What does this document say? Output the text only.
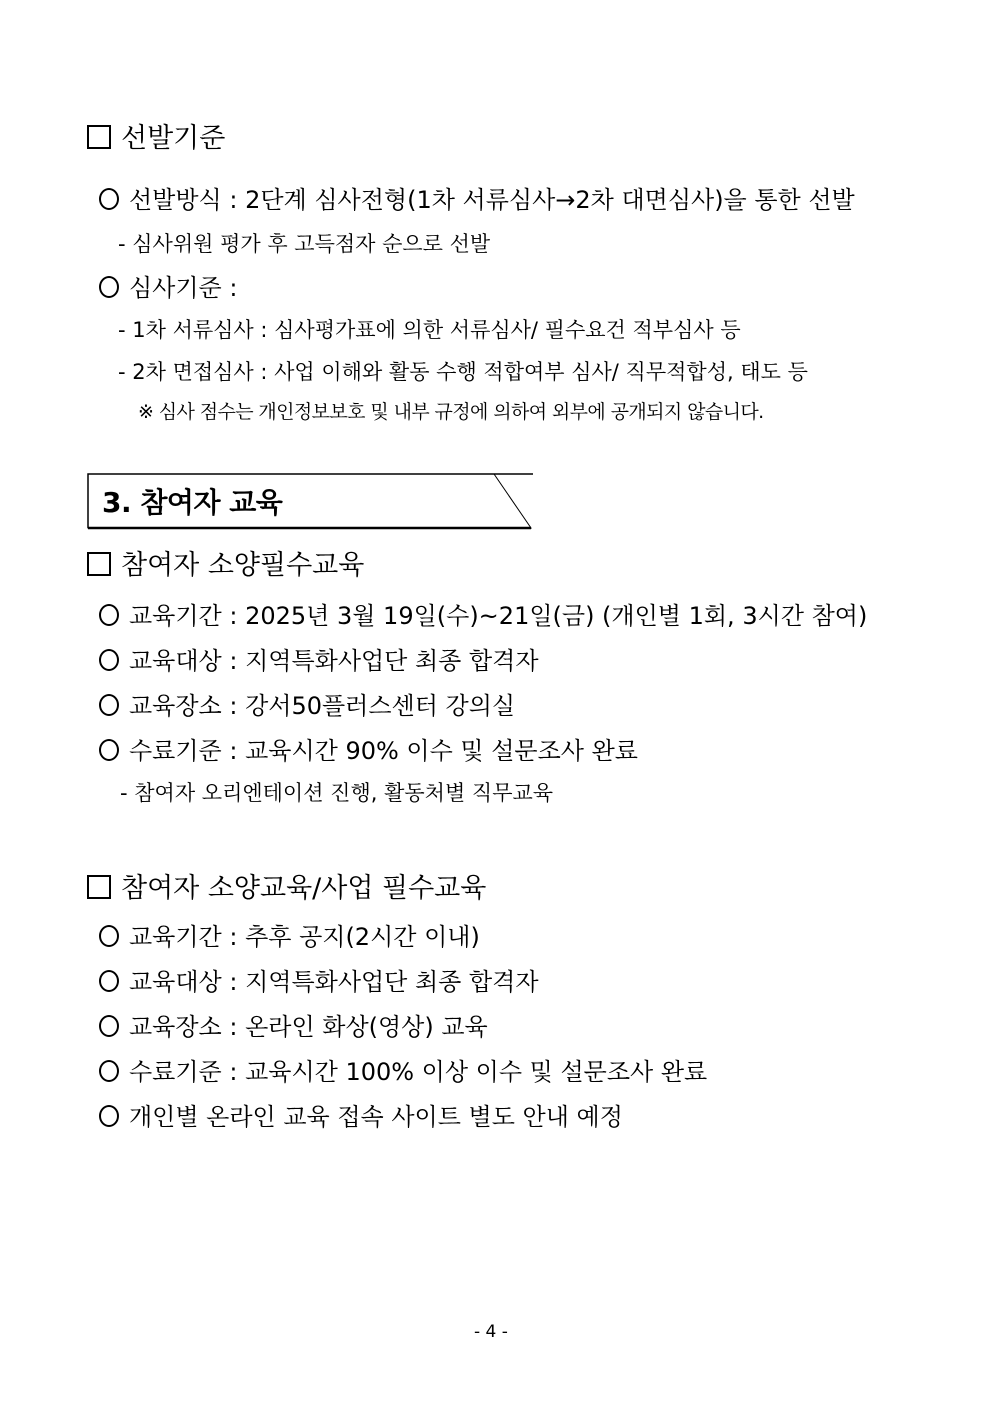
선발기준
선발방식 : 2단계 심사전형(1차 서류심사→2차 대면심사)을 통한 선발
- 심사위원 평가 후 고득점자 순으로 선발
심사기준 :
- 1차 서류심사 : 심사평가표에 의한 서류심사/ 필수요건 적부심사 등
- 2차 면접심사 : 사업 이해와 활동 수행 적합여부 심사/ 직무적합성, 태도 등
※ 심사 점수는 개인정보보호 및 내부 규정에 의하여 외부에 공개되지 않습니다.
3. 참여자 교육
참여자 소양필수교육
교육기간 : 2025년 3월 19일(수)~21일(금) (개인별 1회, 3시간 참여)
교육대상 : 지역특화사업단 최종 합격자
교육장소 : 강서50플러스센터 강의실
수료기준 : 교육시간 90% 이수 및 설문조사 완료
- 참여자 오리엔테이션 진행, 활동처별 직무교육
참여자 소양교육/사업 필수교육
교육기간 : 추후 공지(2시간 이내)
교육대상 : 지역특화사업단 최종 합격자
교육장소 : 온라인 화상(영상) 교육
수료기준 : 교육시간 100% 이상 이수 및 설문조사 완료
개인별 온라인 교육 접속 사이트 별도 안내 예정
- 4 -
